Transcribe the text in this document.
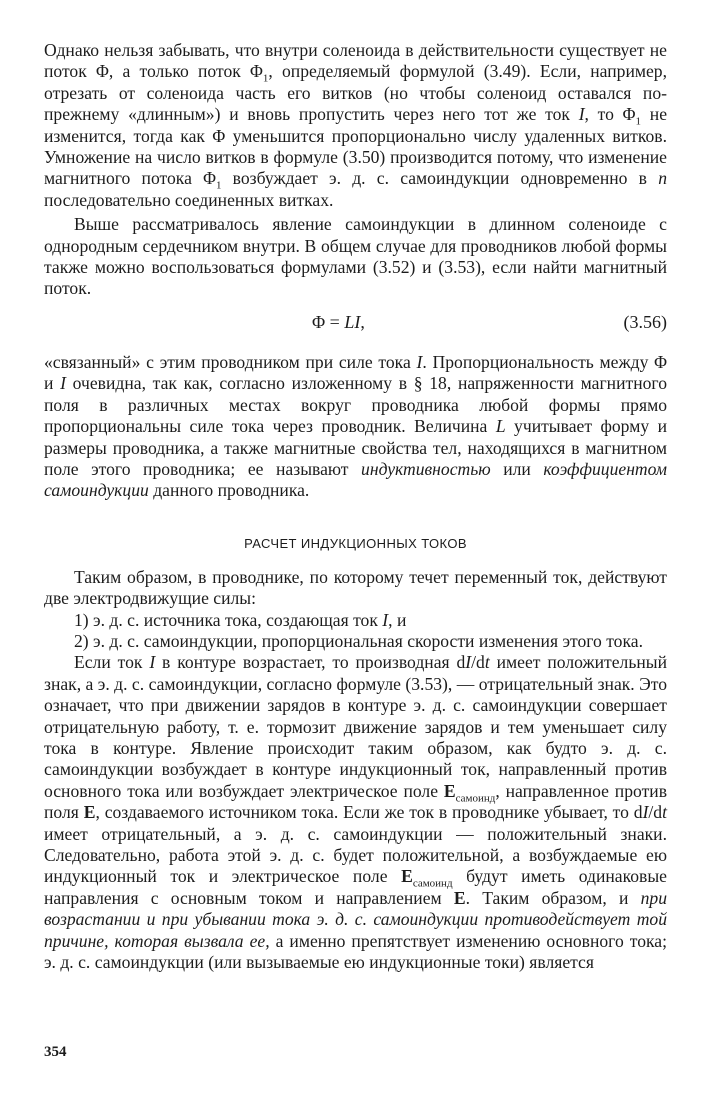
Однако нельзя забывать, что внутри соленоида в действительности существует не поток Φ, а только поток $\Phi_1$, определяемый формулой (3.49). Если, например, отрезать от соленоида часть его витков (но чтобы соленоид оставался по-прежнему «длинным») и вновь пропустить через него тот же ток I, то $\Phi_1$ не изменится, тогда как Φ уменьшится пропорционально числу удаленных витков. Умножение на число витков в формуле (3.50) производится потому, что изменение магнитного потока $\Phi_1$ возбуждает э. д. с. самоиндукции одновременно в n последовательно соединенных витках.

Выше рассматривалось явление самоиндукции в длинном соленоиде с однородным сердечником внутри. В общем случае для проводников любой формы также можно воспользоваться формулами (3.52) и (3.53), если найти магнитный поток.

Φ = LI,	(3.56)

«связанный» с этим проводником при силе тока I. Пропорциональность между Φ и I очевидна, так как, согласно изложенному в § 18, напряженности магнитного поля в различных местах вокруг проводника любой формы прямо пропорциональны силе тока через проводник. Величина L учитывает форму и размеры проводника, а также магнитные свойства тел, находящихся в магнитном поле этого проводника; ее называют индуктивностью или коэффициентом самоиндукции данного проводника.

РАСЧЕТ ИНДУКЦИОННЫХ ТОКОВ

Таким образом, в проводнике, по которому течет переменный ток, действуют две электродвижущие силы:

1) э. д. с. источника тока, создающая ток I, и

2) э. д. с. самоиндукции, пропорциональная скорости изменения этого тока.

Если ток I в контуре возрастает, то производная dI/dt имеет положительный знак, а э. д. с. самоиндукции, согласно формуле (3.53), — отрицательный знак. Это означает, что при движении зарядов в контуре э. д. с. самоиндукции совершает отрицательную работу, т. е. тормозит движение зарядов и тем уменьшает силу тока в контуре. Явление происходит таким образом, как будто э. д. с. самоиндукции возбуждает в контуре индукционный ток, направленный против основного тока или возбуждает электрическое поле $E_{самоинд}$, направленное против поля E, создаваемого источником тока. Если же ток в проводнике убывает, то dI/dt имеет отрицательный, а э. д. с. самоиндукции — положительный знаки. Следовательно, работа этой э. д. с. будет положительной, а возбуждаемые ею индукционный ток и электрическое поле $E_{самоинд}$ будут иметь одинаковые направления с основным током и направлением E. Таким образом, и при возрастании и при убывании тока э. д. с. самоиндукции противодействует той причине, которая вызвала ее, а именно препятствует изменению основного тока; э. д. с. самоиндукции (или вызываемые ею индукционные токи) является

354
